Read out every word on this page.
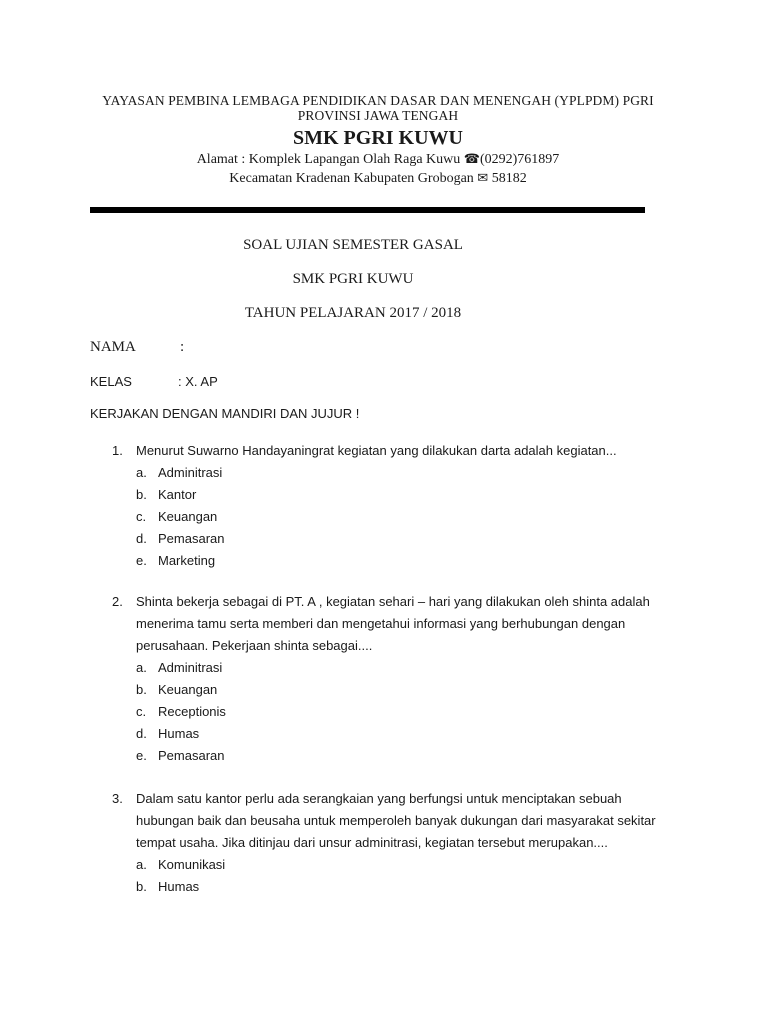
YAYASAN PEMBINA LEMBAGA PENDIDIKAN DASAR DAN MENENGAH (YPLPDM) PGRI PROVINSI JAWA TENGAH
SMK PGRI KUWU
Alamat : Komplek Lapangan Olah Raga Kuwu ☎(0292)761897
Kecamatan Kradenan Kabupaten Grobogan ✉ 58182
SOAL UJIAN SEMESTER GASAL
SMK PGRI KUWU
TAHUN PELAJARAN 2017 / 2018
NAMA	:
KELAS	: X. AP
KERJAKAN DENGAN MANDIRI DAN JUJUR !
1.	Menurut Suwarno Handayaningrat kegiatan yang dilakukan darta adalah kegiatan...
a. Adminitrasi
b. Kantor
c. Keuangan
d. Pemasaran
e. Marketing
2.	Shinta bekerja sebagai di PT. A , kegiatan sehari – hari yang dilakukan oleh shinta adalah menerima tamu serta memberi dan mengetahui informasi yang berhubungan dengan perusahaan. Pekerjaan shinta sebagai....
a. Adminitrasi
b. Keuangan
c. Receptionis
d. Humas
e. Pemasaran
3.	Dalam satu kantor perlu ada serangkaian yang berfungsi untuk menciptakan sebuah hubungan baik dan beusaha untuk memperoleh banyak dukungan dari masyarakat sekitar tempat usaha. Jika ditinjau dari unsur adminitrasi, kegiatan tersebut merupakan....
a. Komunikasi
b. Humas
